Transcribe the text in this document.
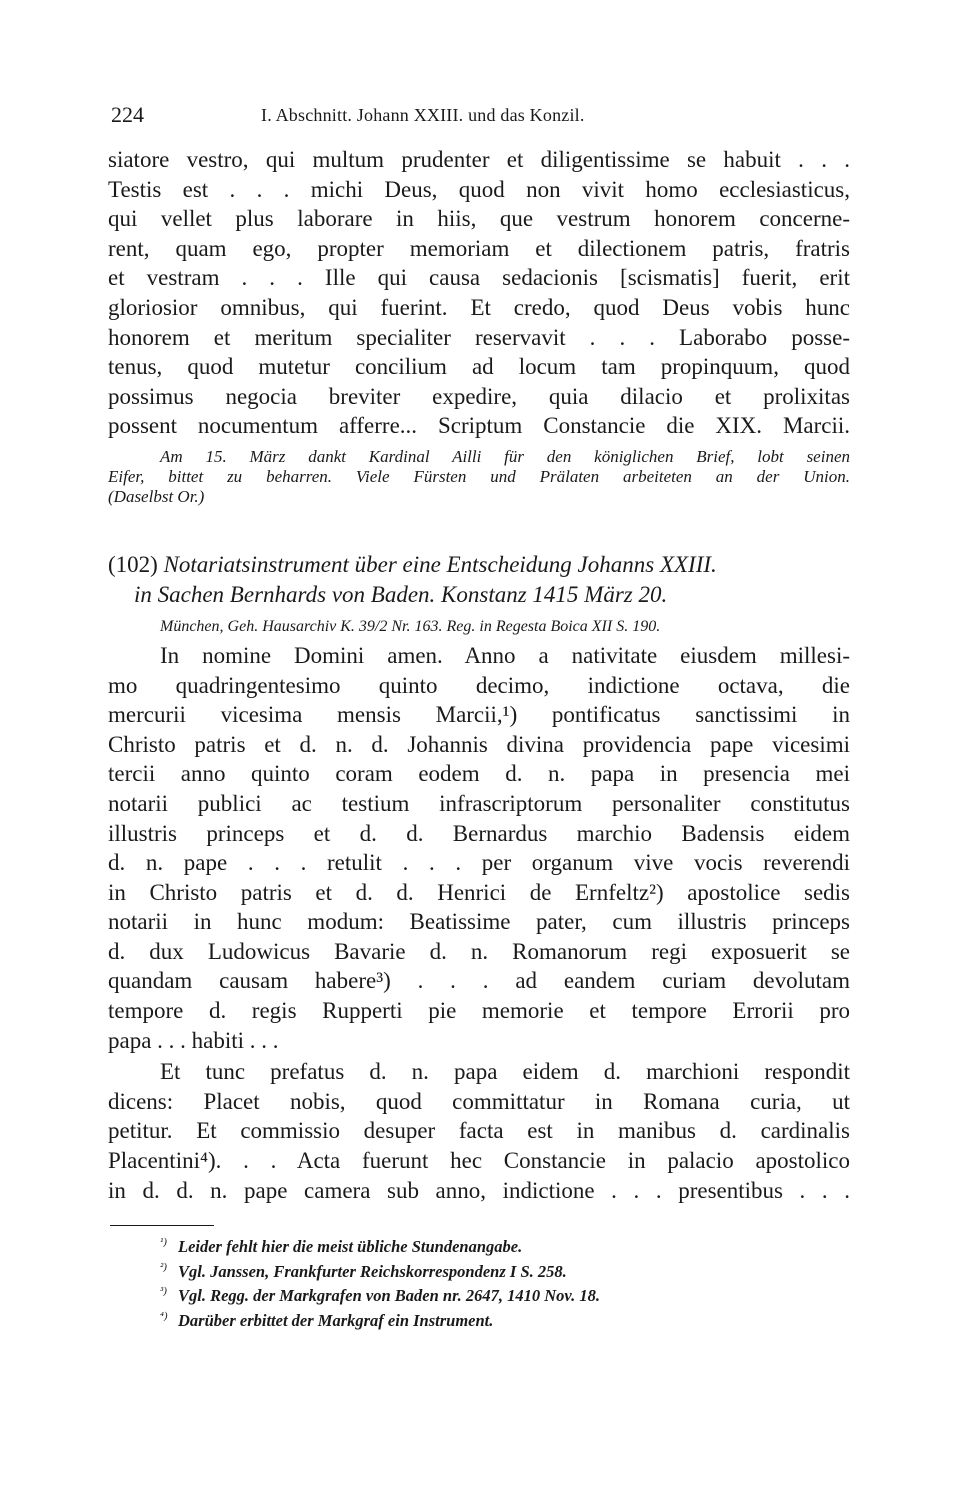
224	I. Abschnitt. Johann XXIII. und das Konzil.
siatore vestro, qui multum prudenter et diligentissime se habuit . . .
Testis est . . . michi Deus, quod non vivit homo ecclesiasticus,
qui vellet plus laborare in hiis, que vestrum honorem concerne-
rent, quam ego, propter memoriam et dilectionem patris, fratris
et vestram . . . Ille qui causa sedacionis [scismatis] fuerit, erit
gloriosior omnibus, qui fuerint. Et credo, quod Deus vobis hunc
honorem et meritum specialiter reservavit . . . Laborabo posse-
tenus, quod mutetur concilium ad locum tam propinquum, quod
possimus negocia breviter expedire, quia dilacio et prolixitas
possent nocumentum afferre... Scriptum Constancie die XIX. Marcii.
Am 15. März dankt Kardinal Ailli für den königlichen Brief, lobt seinen
Eifer, bittet zu beharren. Viele Fürsten und Prälaten arbeiteten an der Union.
(Daselbst Or.)
(102) Notariatsinstrument über eine Entscheidung Johanns XXIII.
in Sachen Bernhards von Baden. Konstanz 1415 März 20.
München, Geh. Hausarchiv K. 39/2 Nr. 163. Reg. in Regesta Boica XII S. 190.
In nomine Domini amen. Anno a nativitate eiusdem millesi-
mo quadringentesimo quinto decimo, indictione octava, die
mercurii vicesima mensis Marcii,¹) pontificatus sanctissimi in
Christo patris et d. n. d. Johannis divina providencia pape vicesimi
tercii anno quinto coram eodem d. n. papa in presencia mei
notarii publici ac testium infrascriptorum personaliter constitutus
illustris princeps et d. d. Bernardus marchio Badensis eidem
d. n. pape . . . retulit . . . per organum vive vocis reverendi
in Christo patris et d. d. Henrici de Ernfeltz²) apostolice sedis
notarii in hunc modum: Beatissime pater, cum illustris princeps
d. dux Ludowicus Bavarie d. n. Romanorum regi exposuerit se
quandam causam habere³) . . . ad eandem curiam devolutam
tempore d. regis Rupperti pie memorie et tempore Errorii pro
papa . . . habiti . . .
Et tunc prefatus d. n. papa eidem d. marchioni respondit
dicens: Placet nobis, quod committatur in Romana curia, ut
petitur. Et commissio desuper facta est in manibus d. cardinalis
Placentini⁴). . . Acta fuerunt hec Constancie in palacio apostolico
in d. d. n. pape camera sub anno, indictione . . . presentibus . . .
¹) Leider fehlt hier die meist übliche Stundenangabe.
²) Vgl. Janssen, Frankfurter Reichskorrespondenz I S. 258.
³) Vgl. Regg. der Markgrafen von Baden nr. 2647, 1410 Nov. 18.
⁴) Darüber erbittet der Markgraf ein Instrument.
